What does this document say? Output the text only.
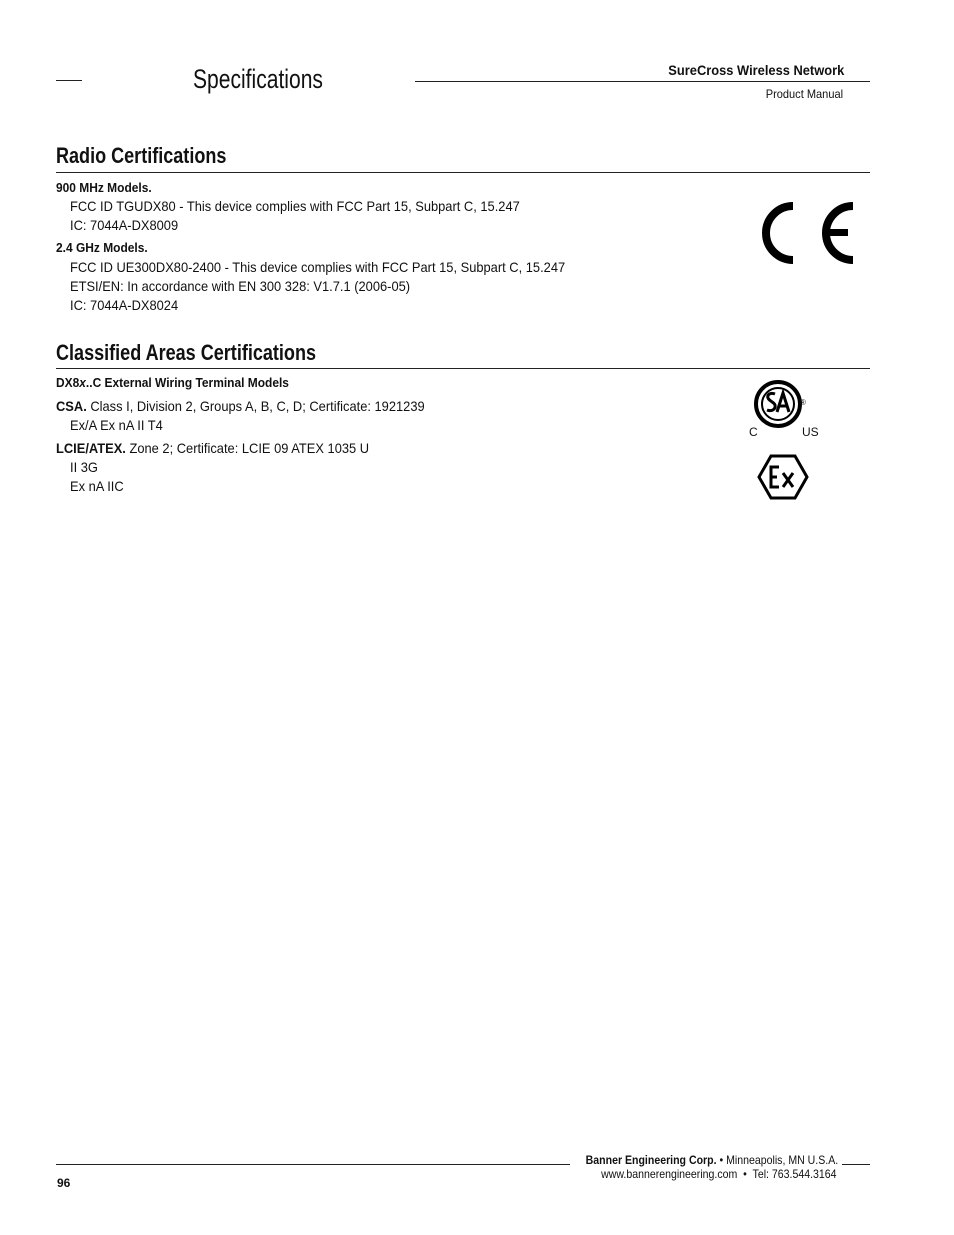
Specifications	SureCross Wireless Network
Product Manual
Radio Certifications
900 MHz Models.
FCC ID TGUDX80 - This device complies with FCC Part 15, Subpart C, 15.247
IC: 7044A-DX8009
2.4 GHz Models.
FCC ID UE300DX80-2400 - This device complies with FCC Part 15, Subpart C, 15.247
ETSI/EN: In accordance with EN 300 328: V1.7.1 (2006-05)
IC: 7044A-DX8024
Classified Areas Certifications
DX8x..C External Wiring Terminal Models
CSA. Class I, Division 2, Groups A, B, C, D; Certificate: 1921239
Ex/A Ex nA II T4
LCIE/ATEX. Zone 2; Certificate: LCIE 09 ATEX 1035 U
II 3G
Ex nA IIC
C	US
®
Banner Engineering Corp. • Minneapolis, MN U.S.A.
www.bannerengineering.com • Tel: 763.544.3164
96
